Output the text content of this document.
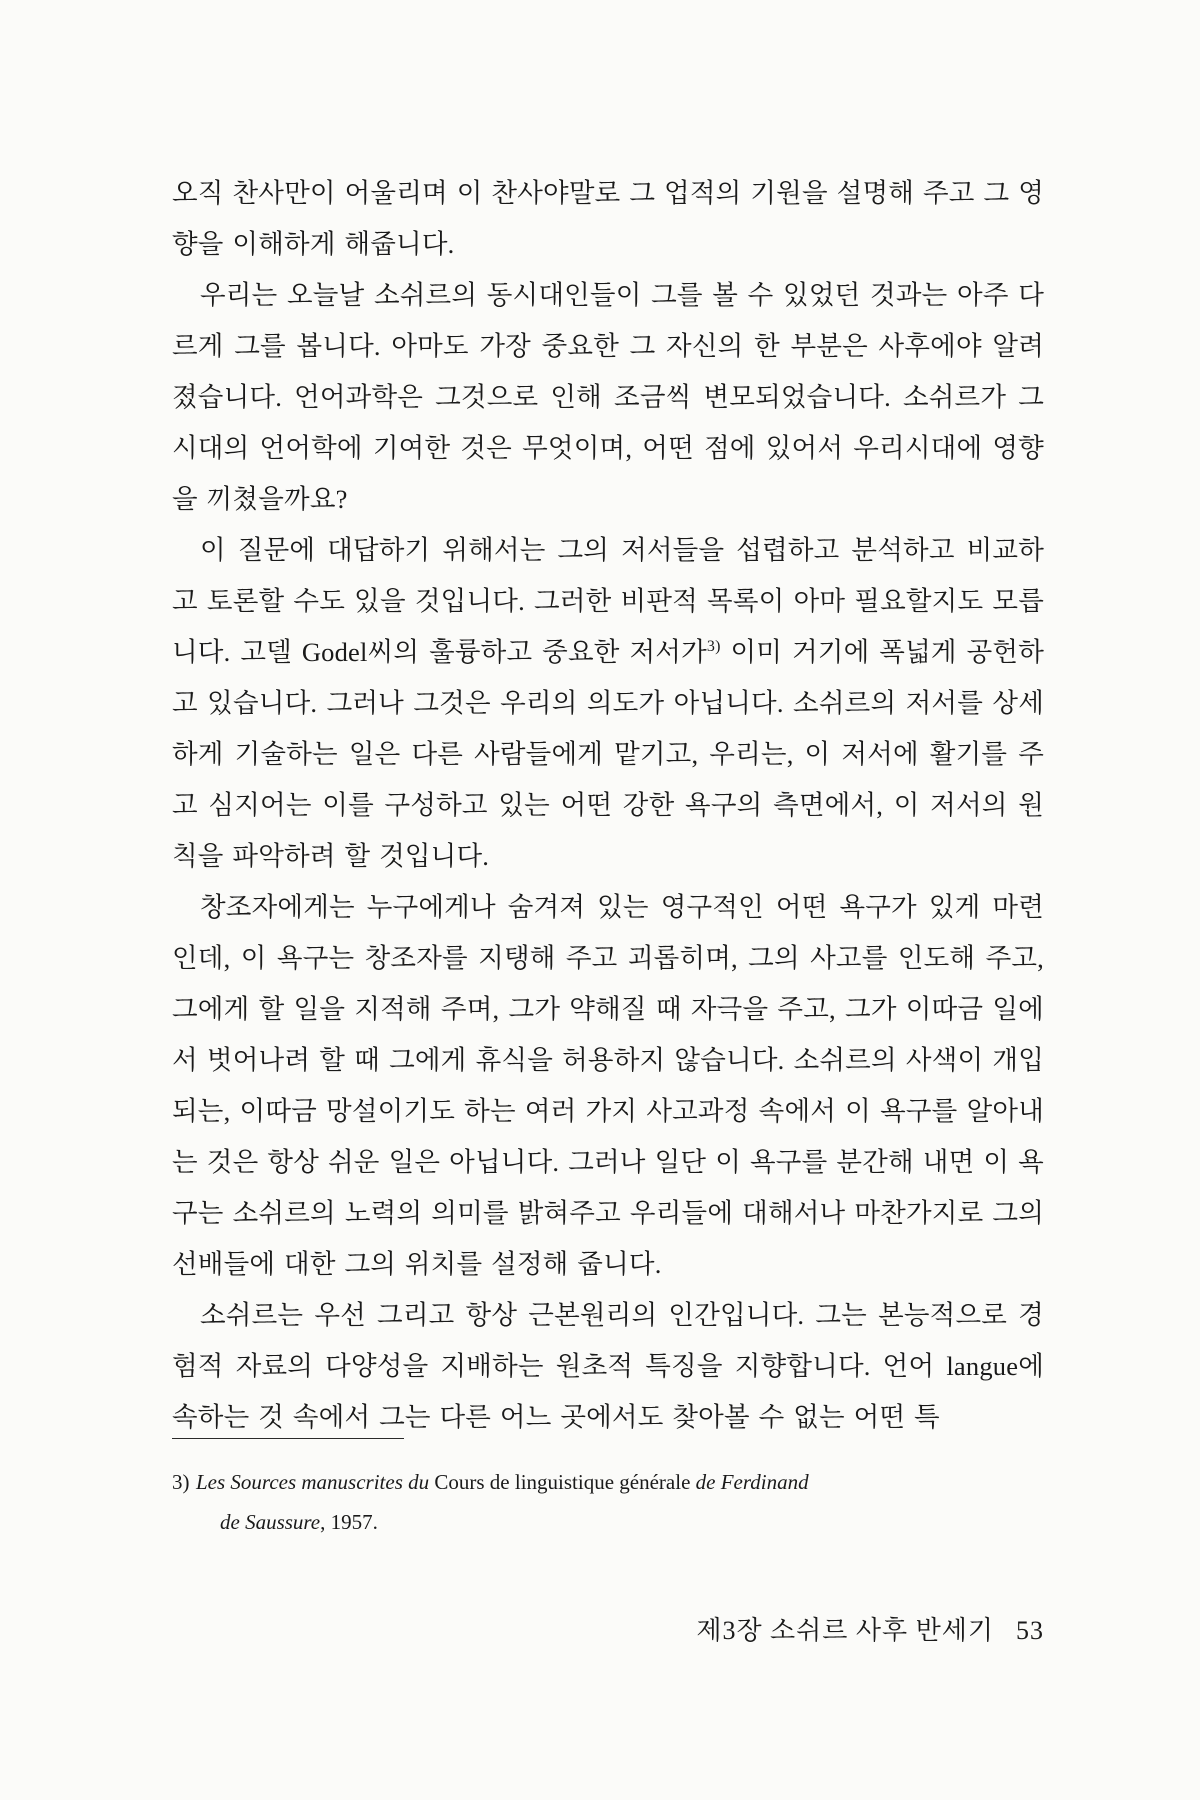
오직 찬사만이 어울리며 이 찬사야말로 그 업적의 기원을 설명해 주고 그 영향을 이해하게 해줍니다.

우리는 오늘날 소쉬르의 동시대인들이 그를 볼 수 있었던 것과는 아주 다르게 그를 봅니다. 아마도 가장 중요한 그 자신의 한 부분은 사후에야 알려졌습니다. 언어과학은 그것으로 인해 조금씩 변모되었습니다. 소쉬르가 그 시대의 언어학에 기여한 것은 무엇이며, 어떤 점에 있어서 우리시대에 영향을 끼쳤을까요?

이 질문에 대답하기 위해서는 그의 저서들을 섭렵하고 분석하고 비교하고 토론할 수도 있을 것입니다. 그러한 비판적 목록이 아마 필요할지도 모릅니다. 고델 Godel씨의 훌륭하고 중요한 저서가$^{3)}$ 이미 거기에 폭넓게 공헌하고 있습니다. 그러나 그것은 우리의 의도가 아닙니다. 소쉬르의 저서를 상세하게 기술하는 일은 다른 사람들에게 맡기고, 우리는, 이 저서에 활기를 주고 심지어는 이를 구성하고 있는 어떤 강한 욕구의 측면에서, 이 저서의 원칙을 파악하려 할 것입니다.

창조자에게는 누구에게나 숨겨져 있는 영구적인 어떤 욕구가 있게 마련인데, 이 욕구는 창조자를 지탱해 주고 괴롭히며, 그의 사고를 인도해 주고, 그에게 할 일을 지적해 주며, 그가 약해질 때 자극을 주고, 그가 이따금 일에서 벗어나려 할 때 그에게 휴식을 허용하지 않습니다. 소쉬르의 사색이 개입되는, 이따금 망설이기도 하는 여러 가지 사고과정 속에서 이 욕구를 알아내는 것은 항상 쉬운 일은 아닙니다. 그러나 일단 이 욕구를 분간해 내면 이 욕구는 소쉬르의 노력의 의미를 밝혀주고 우리들에 대해서나 마찬가지로 그의 선배들에 대한 그의 위치를 설정해 줍니다.

소쉬르는 우선 그리고 항상 근본원리의 인간입니다. 그는 본능적으로 경험적 자료의 다양성을 지배하는 원초적 특징을 지향합니다. 언어 langue에 속하는 것 속에서 그는 다른 어느 곳에서도 찾아볼 수 없는 어떤 특

3) Les Sources manuscrites du Cours de linguistique générale de Ferdinand
de Saussure, 1957.
제3장 소쉬르 사후 반세기 53
